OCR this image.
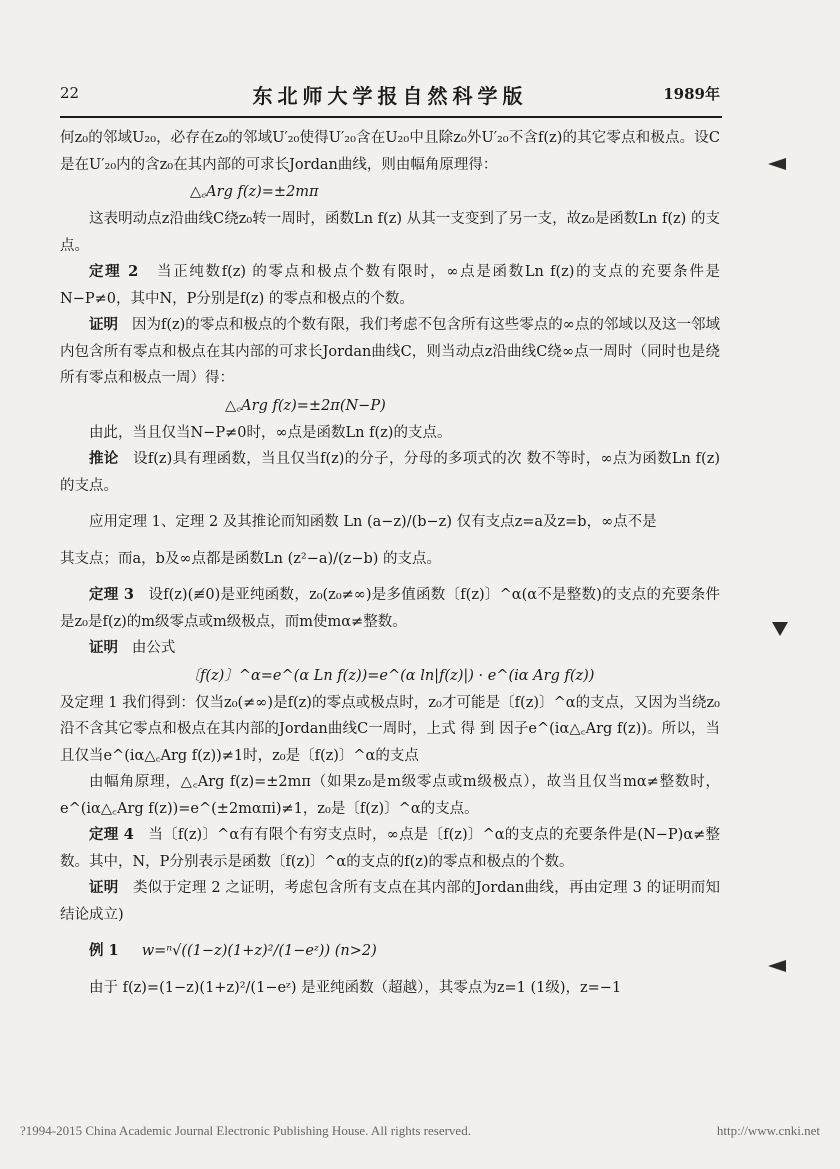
22	东北师大学报自然科学版	1989年

何z₀的邻域U₂₀，必存在z₀的邻域U′₂₀使得U′₂₀含在U₂₀中且除z₀外U′₂₀不含f(z)的其它零点和极点。设C是在U′₂₀内的含z₀在其内部的可求长Jordan曲线，则由幅角原理得：

△꜀Arg f(z)=±2mπ

这表明动点z沿曲线C绕z₀转一周时，函数Ln f(z) 从其一支变到了另一支，故z₀是函数Ln f(z) 的支点。

定理 2 当正纯数f(z) 的零点和极点个数有限时，∞点是函数Ln f(z)的支点的充要条件是N−P≠0，其中N，P分别是f(z) 的零点和极点的个数。

证明 因为f(z)的零点和极点的个数有限，我们考虑不包含所有这些零点的∞点的邻域以及这一邻域内包含所有零点和极点在其内部的可求长Jordan曲线C，则当动点z沿曲线C绕∞点一周时（同时也是绕所有零点和极点一周）得：

△꜀Arg f(z)=±2π(N−P)

由此，当且仅当N−P≠0时，∞点是函数Ln f(z)的支点。

推论 设f(z)具有理函数，当且仅当f(z)的分子，分母的多项式的次 数不等时，∞点为函数Ln f(z)的支点。

应用定理 1、定理 2 及其推论而知函数 Ln (a−z)/(b−z) 仅有支点z=a及z=b，∞点不是

其支点；而a，b及∞点都是函数Ln (z²−a)/(z−b) 的支点。

定理 3 设f(z)(≢0)是亚纯函数，z₀(z₀≠∞)是多值函数〔f(z)〕^α(α不是整数)的支点的充要条件是z₀是f(z)的m级零点或m级极点，而m使mα≠整数。

证明 由公式

〔f(z)〕^α=e^(α Ln f(z))=e^(α ln|f(z)|) · e^(iα Arg f(z))

及定理 1 我们得到：仅当z₀(≠∞)是f(z)的零点或极点时，z₀才可能是〔f(z)〕^α的支点，又因为当绕z₀沿不含其它零点和极点在其内部的Jordan曲线C一周时，上式 得 到 因子e^(iα△꜀Arg f(z))。所以，当且仅当e^(iα△꜀Arg f(z))≠1时，z₀是〔f(z)〕^α的支点

由幅角原理，△꜀Arg f(z)=±2mπ（如果z₀是m级零点或m级极点），故当且仅当mα≠整数时，e^(iα△꜀Arg f(z))=e^(±2mαπi)≠1，z₀是〔f(z)〕^α的支点。

定理 4 当〔f(z)〕^α有有限个有穷支点时，∞点是〔f(z)〕^α的支点的充要条件是(N−P)α≠整数。其中，N，P分别表示是函数〔f(z)〕^α的支点的f(z)的零点和极点的个数。

证明 类似于定理 2 之证明，考虑包含所有支点在其内部的Jordan曲线，再由定理 3 的证明而知结论成立)

例 1 w=ⁿ√((1−z)(1+z)²/(1−eᶻ)) (n>2)

由于 f(z)=(1−z)(1+z)²/(1−eᶻ) 是亚纯函数（超越），其零点为z=1 (1级)，z=−1

?1994-2015 China Academic Journal Electronic Publishing House. All rights reserved.	http://www.cnki.net
